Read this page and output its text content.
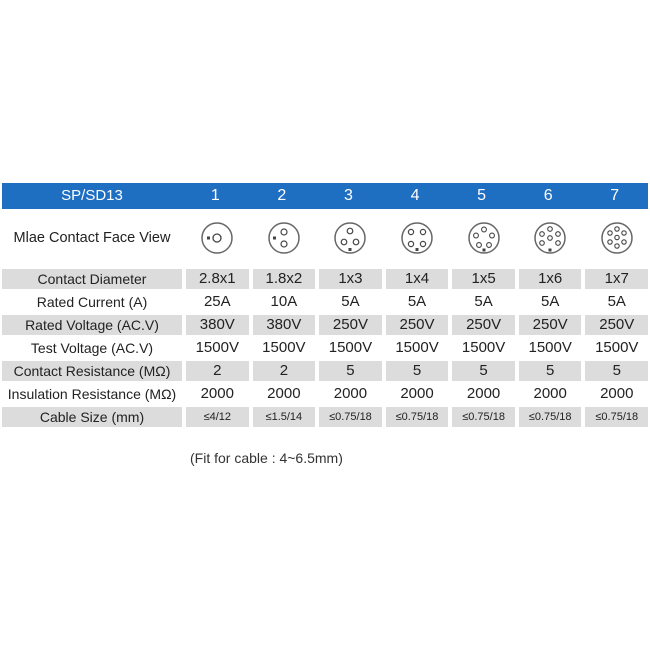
SP/SD13	1	2	3	4	5	6	7
Mlae Contact Face View
Contact Diameter	2.8x1	1.8x2	1x3	1x4	1x5	1x6	1x7
Rated Current (A)	25A	10A	5A	5A	5A	5A	5A
Rated Voltage (AC.V)	380V	380V	250V	250V	250V	250V	250V
Test Voltage (AC.V)	1500V	1500V	1500V	1500V	1500V	1500V	1500V
Contact Resistance (MΩ)	2	2	5	5	5	5	5
Insulation Resistance (MΩ)	2000	2000	2000	2000	2000	2000	2000
Cable Size (mm)	≤4/12	≤1.5/14	≤0.75/18	≤0.75/18	≤0.75/18	≤0.75/18	≤0.75/18
(Fit for cable : 4~6.5mm)
